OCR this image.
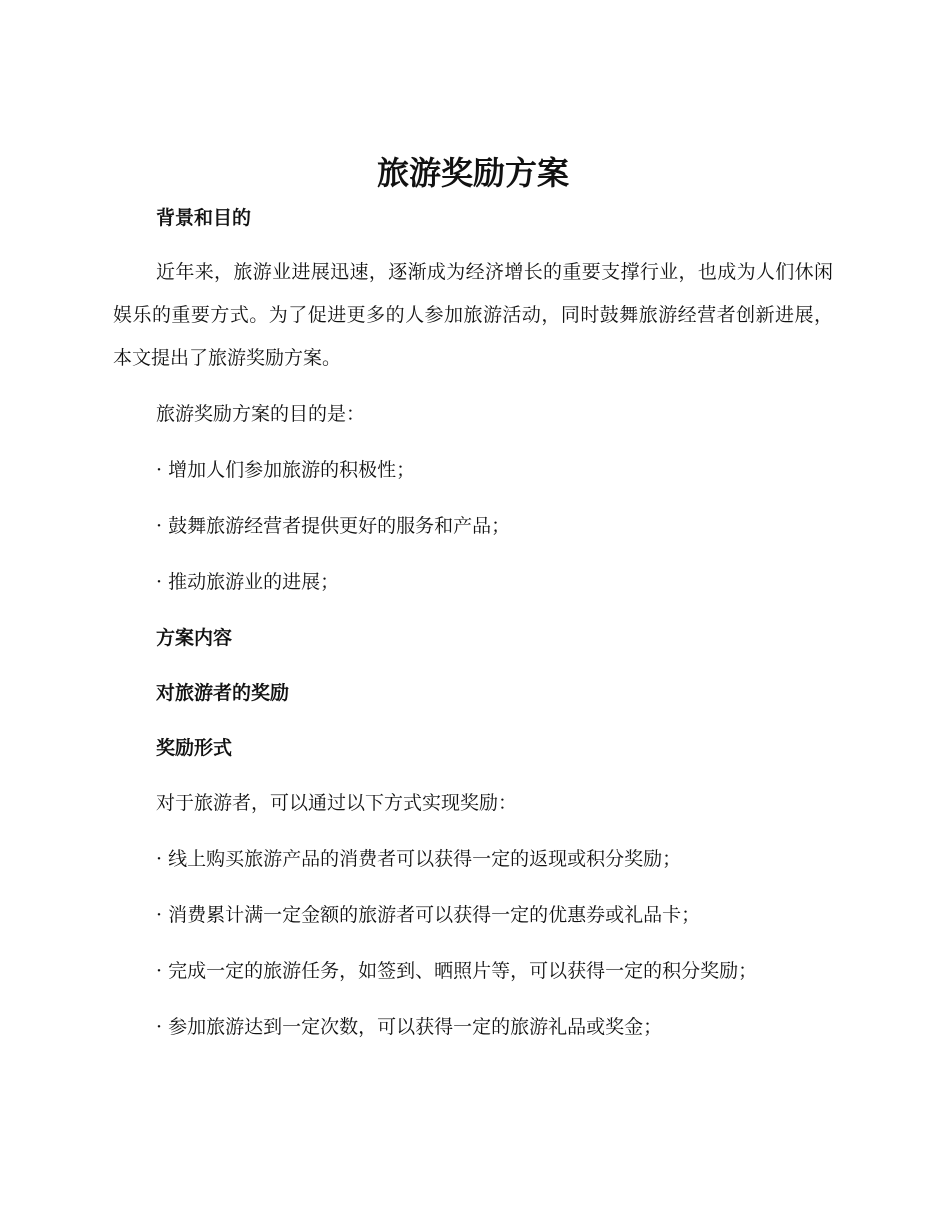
旅游奖励方案
背景和目的

近年来，旅游业进展迅速，逐渐成为经济增长的重要支撑行业，也成为人们休闲娱乐的重要方式。为了促进更多的人参加旅游活动，同时鼓舞旅游经营者创新进展，本文提出了旅游奖励方案。

旅游奖励方案的目的是：

· 增加人们参加旅游的积极性；

· 鼓舞旅游经营者提供更好的服务和产品；

· 推动旅游业的进展；

方案内容
对旅游者的奖励
奖励形式

对于旅游者，可以通过以下方式实现奖励：

· 线上购买旅游产品的消费者可以获得一定的返现或积分奖励；

· 消费累计满一定金额的旅游者可以获得一定的优惠券或礼品卡；

· 完成一定的旅游任务，如签到、晒照片等，可以获得一定的积分奖励；

· 参加旅游达到一定次数，可以获得一定的旅游礼品或奖金；
